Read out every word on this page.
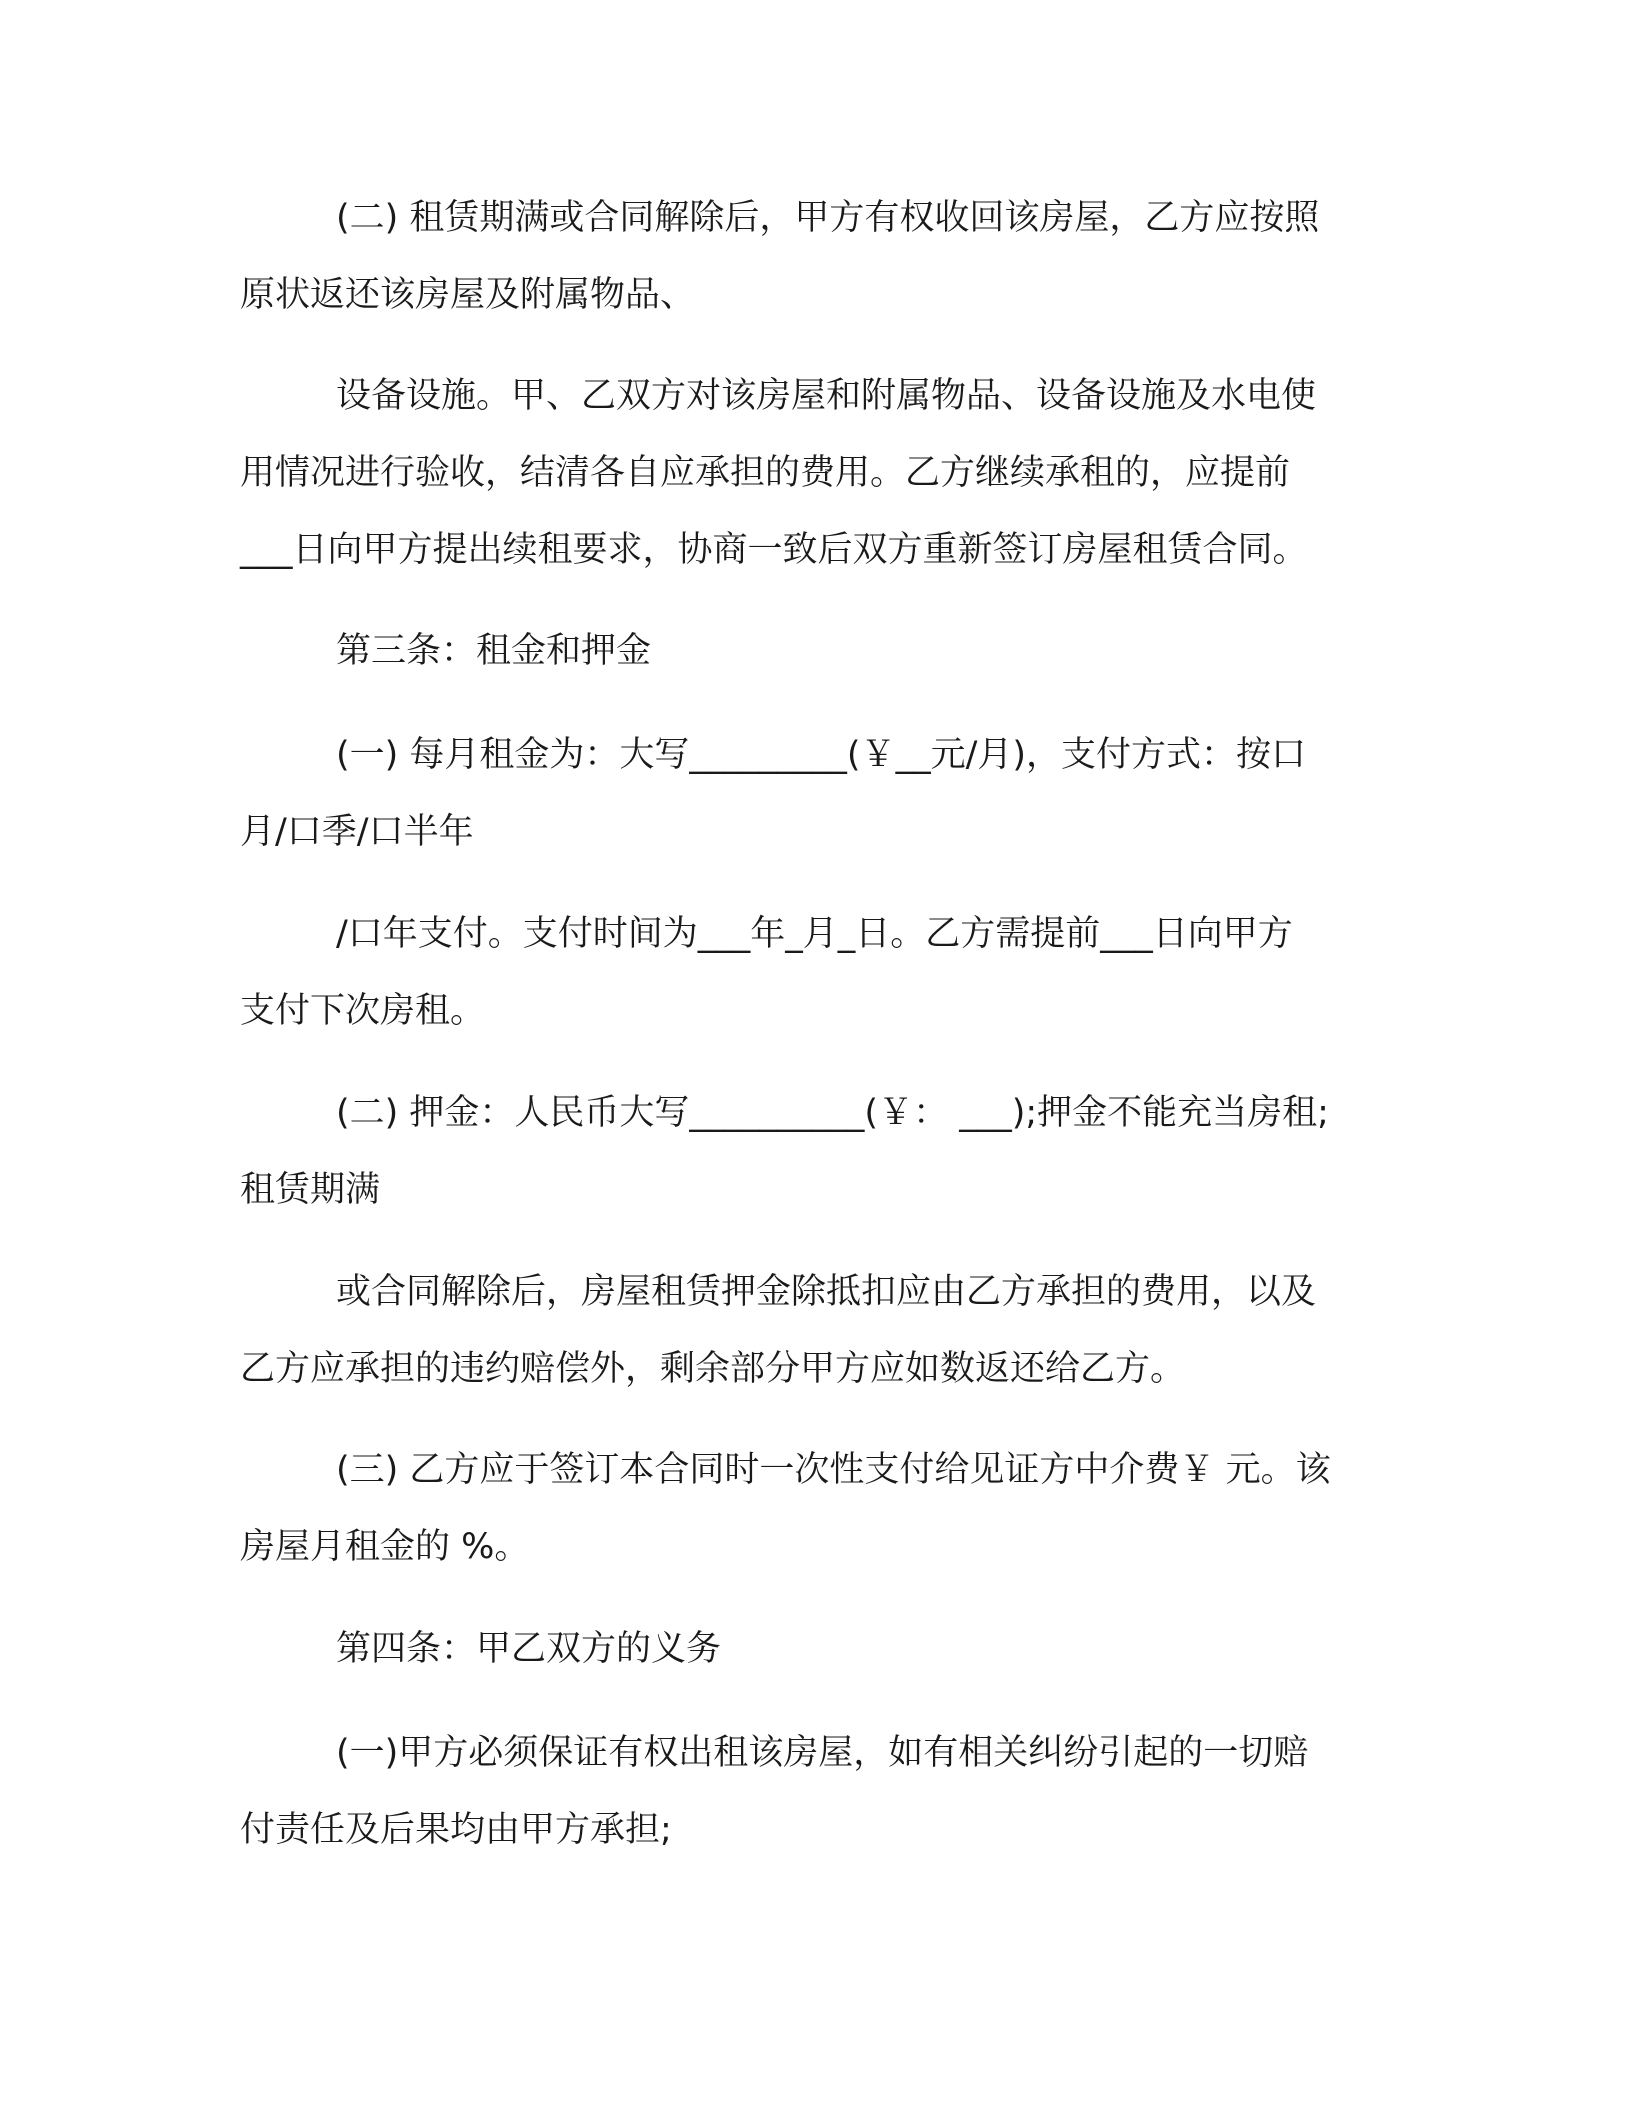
(二) 租赁期满或合同解除后，甲方有权收回该房屋，乙方应按照
原状返还该房屋及附属物品、

设备设施。甲、乙双方对该房屋和附属物品、设备设施及水电使
用情况进行验收，结清各自应承担的费用。乙方继续承租的，应提前
___日向甲方提出续租要求，协商一致后双方重新签订房屋租赁合同。

第三条：租金和押金

(一) 每月租金为：大写_________(￥__元/月)，支付方式：按口
月/口季/口半年

/口年支付。支付时间为___年_月_日。乙方需提前___日向甲方
支付下次房租。

(二) 押金：人民币大写__________(￥： ___);押金不能充当房租;
租赁期满

或合同解除后，房屋租赁押金除抵扣应由乙方承担的费用，以及
乙方应承担的违约赔偿外，剩余部分甲方应如数返还给乙方。

(三) 乙方应于签订本合同时一次性支付给见证方中介费￥ 元。该
房屋月租金的 %。

第四条：甲乙双方的义务

(一)甲方必须保证有权出租该房屋，如有相关纠纷引起的一切赔
付责任及后果均由甲方承担;
